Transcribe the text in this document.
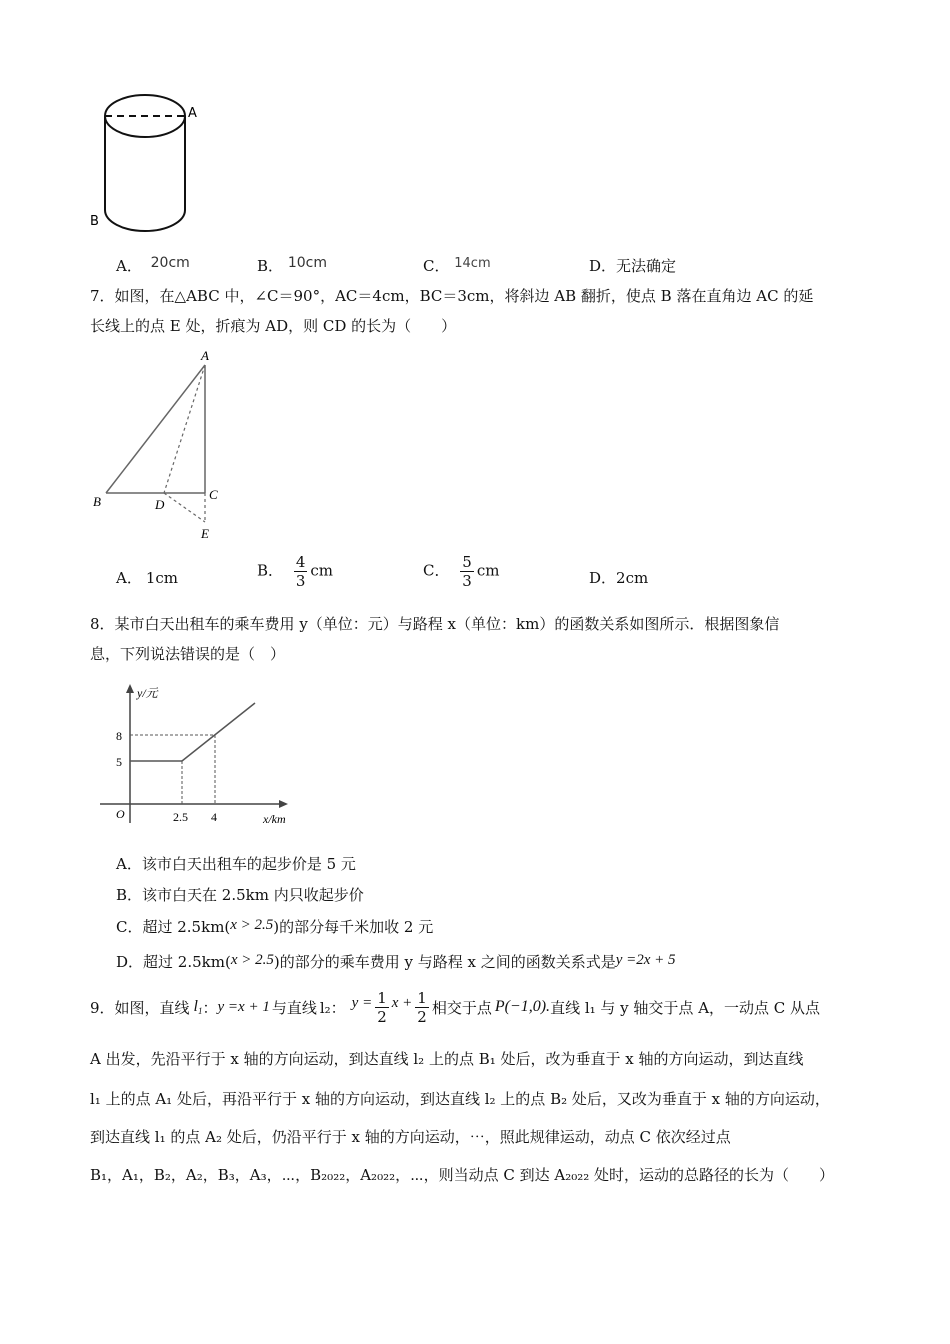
A
B
A． 20cm	B． 10cm	C． 14cm	D．无法确定
7．如图，在△ABC 中，∠C＝90°，AC＝4cm，BC＝3cm，将斜边 AB 翻折，使点 B 落在直角边 AC 的延
长线上的点 E 处，折痕为 AD，则 CD 的长为（　　）
A
B	C
D
E
A． 1cm	B． $\frac{4}{3}$ cm	C． $\frac{5}{3}$ cm	D．2cm
8．某市白天出租车的乘车费用 y（单位：元）与路程 x（单位：km）的函数关系如图所示．根据图象信
息，下列说法错误的是（　）
y/元
x/km
O
8
5
2.5 4
A．该市白天出租车的起步价是 5 元
B．该市白天在 2.5km 内只收起步价
C．超过 2.5km(x > 2.5)的部分每千米加收 2 元
D．超过 2.5km(x > 2.5)的部分的乘车费用 y 与路程 x 之间的函数关系式是y =2x + 5
9．如图，直线 $l_1$ ： y =x + 1 与直线 l₂： $y = \frac{1}{2}$ $x + \frac{1}{2}$ 相交于点 P(−1,0). 直线 l₁ 与 y 轴交于点 A，一动点 C 从点
A 出发，先沿平行于 x 轴的方向运动，到达直线 l₂ 上的点 B₁ 处后，改为垂直于 x 轴的方向运动，到达直线
l₁ 上的点 A₁ 处后，再沿平行于 x 轴的方向运动，到达直线 l₂ 上的点 B₂ 处后，又改为垂直于 x 轴的方向运动，
到达直线 l₁ 的点 A₂ 处后，仍沿平行于 x 轴的方向运动，⋯，照此规律运动，动点 C 依次经过点
B₁，A₁，B₂，A₂，B₃，A₃，⋯，B₂₀₂₂，A₂₀₂₂，⋯，则当动点 C 到达 A₂₀₂₂ 处时，运动的总路径的长为（　　）
